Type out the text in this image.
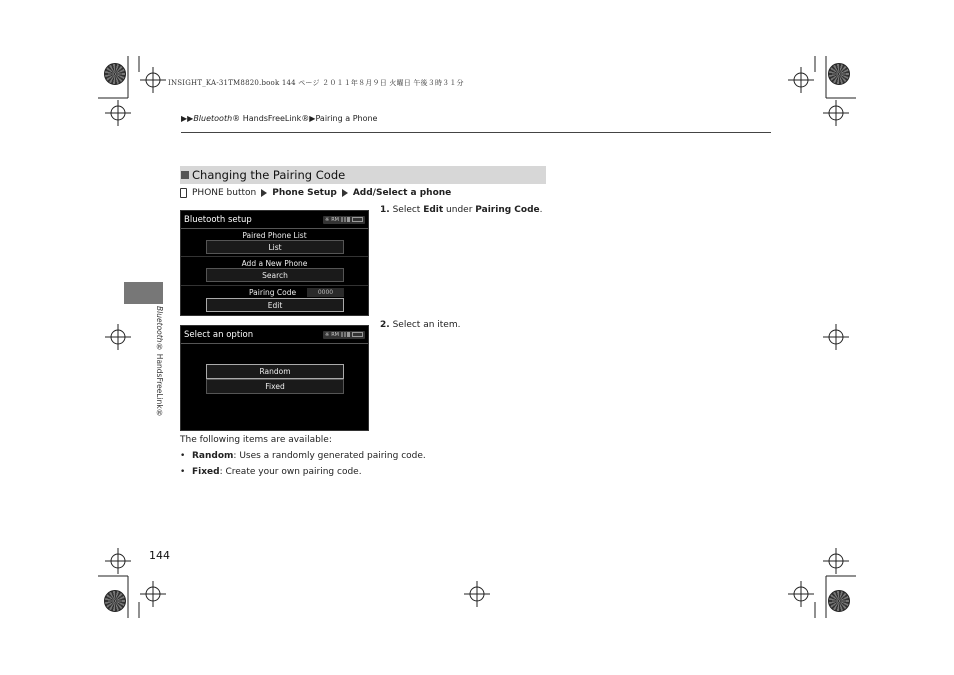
INSIGHT_KA-31TM8820.book 144 ページ ２０１１年８月９日 火曜日 午後３時３１分
▶▶Bluetooth® HandsFreeLink®▶Pairing a Phone
Bluetooth® HandsFreeLink®
Changing the Pairing Code
PHONE button Phone Setup Add/Select a phone
Bluetooth setup	※ RM
Paired Phone List
List
Add a New Phone
Search
Pairing Code	0000
Edit
Select an option	※ RM
Random
Fixed
1. Select Edit under Pairing Code.
2. Select an item.
The following items are available:
• Random: Uses a randomly generated pairing code.
• Fixed: Create your own pairing code.
144
